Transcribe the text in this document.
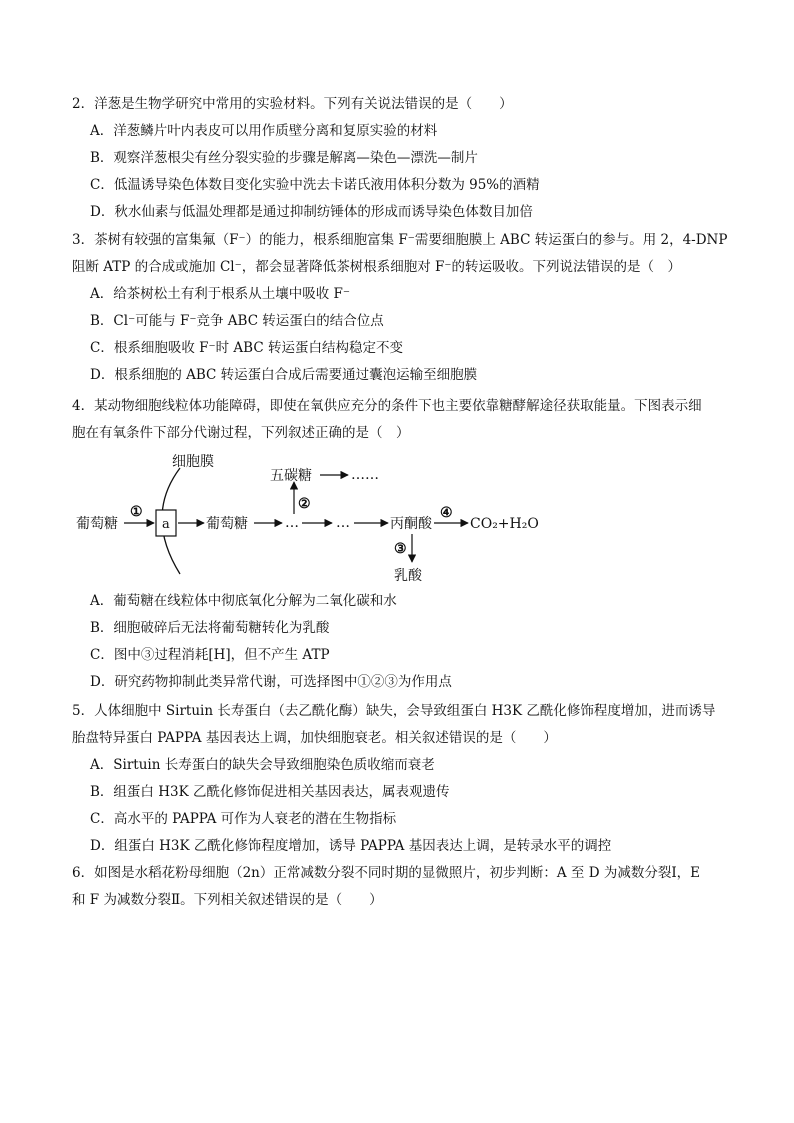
2．洋葱是生物学研究中常用的实验材料。下列有关说法错误的是（　　）

A．洋葱鳞片叶内表皮可以用作质壁分离和复原实验的材料

B．观察洋葱根尖有丝分裂实验的步骤是解离—染色—漂洗—制片

C．低温诱导染色体数目变化实验中洗去卡诺氏液用体积分数为 95%的酒精

D．秋水仙素与低温处理都是通过抑制纺锤体的形成而诱导染色体数目加倍

3．茶树有较强的富集氟（F⁻）的能力，根系细胞富集 F⁻需要细胞膜上 ABC 转运蛋白的参与。用 2，4-DNP

阻断 ATP 的合成或施加 Cl⁻，都会显著降低茶树根系细胞对 F⁻的转运吸收。下列说法错误的是（　）

A．给茶树松土有利于根系从土壤中吸收 F⁻

B．Cl⁻可能与 F⁻竞争 ABC 转运蛋白的结合位点

C．根系细胞吸收 F⁻时 ABC 转运蛋白结构稳定不变

D．根系细胞的 ABC 转运蛋白合成后需要通过囊泡运输至细胞膜

4．某动物细胞线粒体功能障碍，即使在氧供应充分的条件下也主要依靠糖酵解途径获取能量。下图表示细

胞在有氧条件下部分代谢过程，下列叙述正确的是（　）

细胞膜
葡萄糖
①
a	葡萄糖	…	…	丙酮酸
④
CO₂+H₂O
②
五碳糖	……
③
乳酸

A．葡萄糖在线粒体中彻底氧化分解为二氧化碳和水

B．细胞破碎后无法将葡萄糖转化为乳酸

C．图中③过程消耗[H]，但不产生 ATP

D．研究药物抑制此类异常代谢，可选择图中①②③为作用点

5．人体细胞中 Sirtuin 长寿蛋白（去乙酰化酶）缺失，会导致组蛋白 H3K 乙酰化修饰程度增加，进而诱导

胎盘特异蛋白 PAPPA 基因表达上调，加快细胞衰老。相关叙述错误的是（　　）

A．Sirtuin 长寿蛋白的缺失会导致细胞染色质收缩而衰老

B．组蛋白 H3K 乙酰化修饰促进相关基因表达，属表观遗传

C．高水平的 PAPPA 可作为人衰老的潜在生物指标

D．组蛋白 H3K 乙酰化修饰程度增加，诱导 PAPPA 基因表达上调，是转录水平的调控

6．如图是水稻花粉母细胞（2n）正常减数分裂不同时期的显微照片，初步判断：A 至 D 为减数分裂Ⅰ，E

和 F 为减数分裂Ⅱ。下列相关叙述错误的是（　　）
